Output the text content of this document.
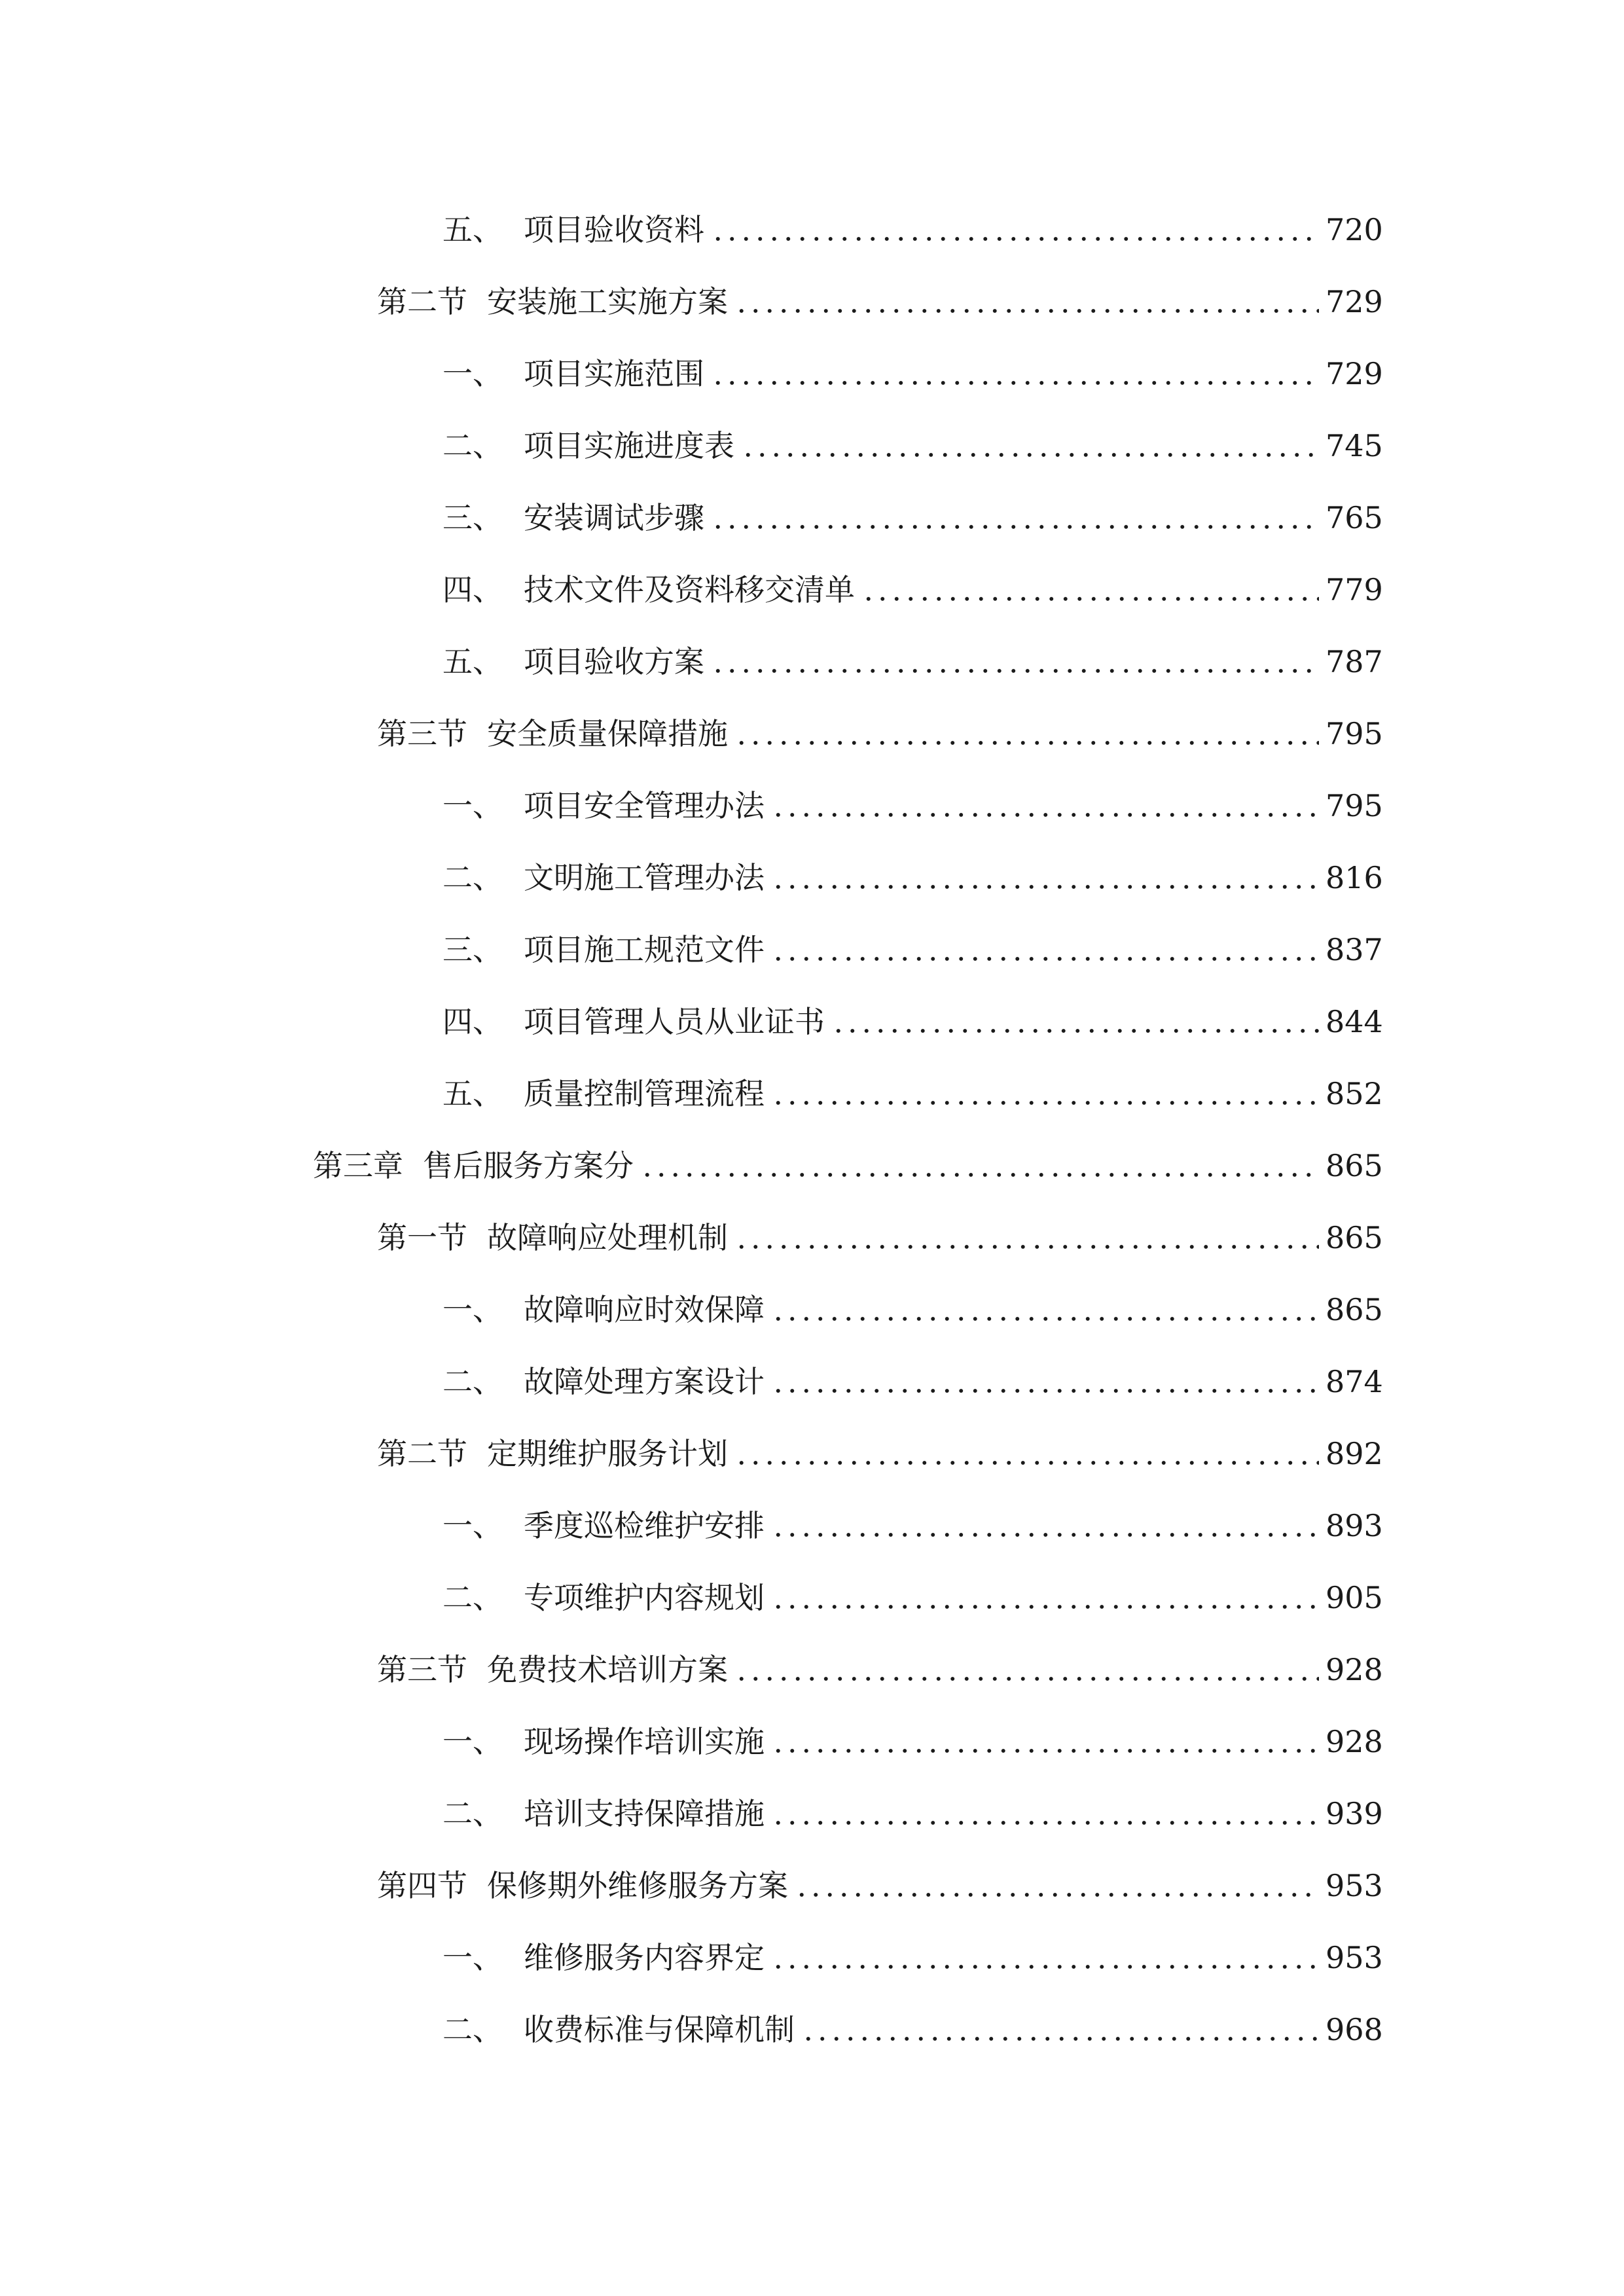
五、 项目验收资料	720
第二节 安装施工实施方案	729
一、 项目实施范围	729
二、 项目实施进度表	745
三、 安装调试步骤	765
四、 技术文件及资料移交清单	779
五、 项目验收方案	787
第三节 安全质量保障措施	795
一、 项目安全管理办法	795
二、 文明施工管理办法	816
三、 项目施工规范文件	837
四、 项目管理人员从业证书	844
五、 质量控制管理流程	852
第三章 售后服务方案分	865
第一节 故障响应处理机制	865
一、 故障响应时效保障	865
二、 故障处理方案设计	874
第二节 定期维护服务计划	892
一、 季度巡检维护安排	893
二、 专项维护内容规划	905
第三节 免费技术培训方案	928
一、 现场操作培训实施	928
二、 培训支持保障措施	939
第四节 保修期外维修服务方案	953
一、 维修服务内容界定	953
二、 收费标准与保障机制	968
